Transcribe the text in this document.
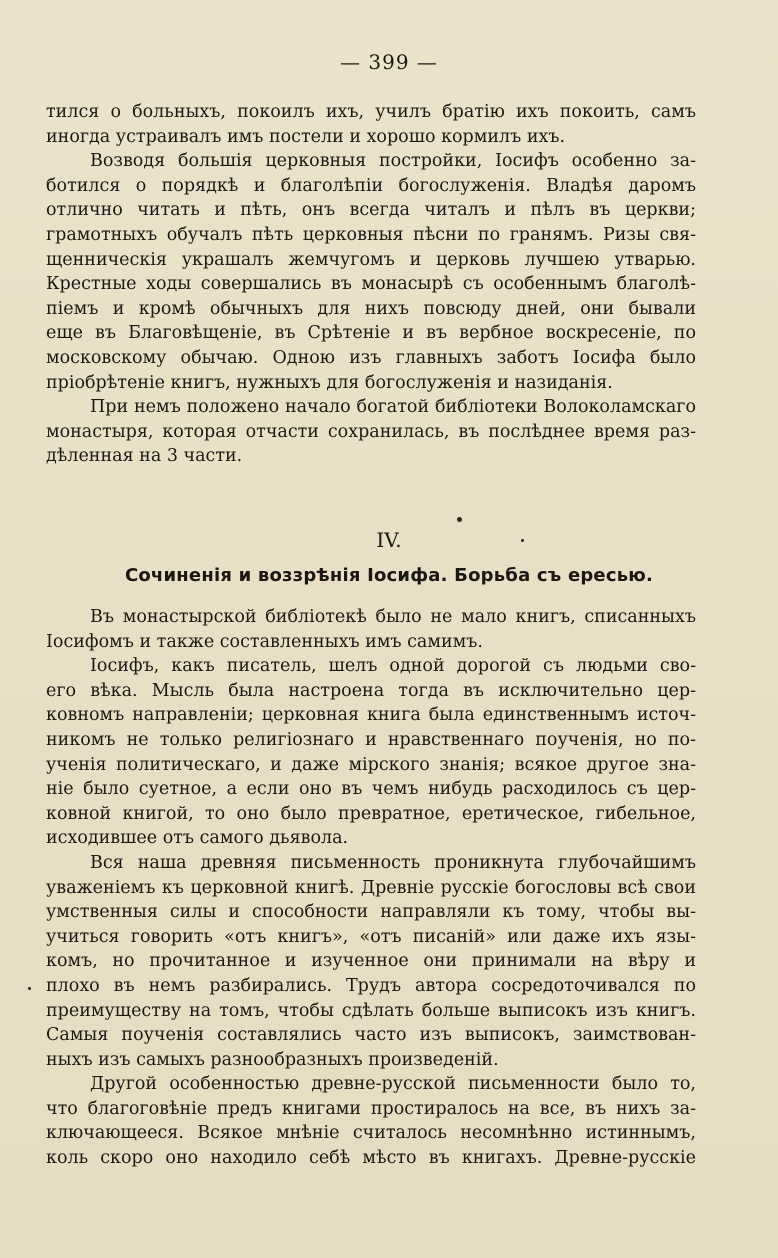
— 399 —
тился о больныхъ, покоилъ ихъ, училъ братію ихъ покоить, самъ
иногда устраивалъ имъ постели и хорошо кормилъ ихъ.
Возводя большія церковныя постройки, Іосифъ особенно за-
ботился о порядкѣ и благолѣпіи богослуженія. Владѣя даромъ
отлично читать и пѣть, онъ всегда читалъ и пѣлъ въ церкви;
грамотныхъ обучалъ пѣть церковныя пѣсни по гранямъ. Ризы свя-
щенническія украшалъ жемчугомъ и церковь лучшею утварью.
Крестные ходы совершались въ монасырѣ съ особеннымъ благолѣ-
піемъ и кромѣ обычныхъ для нихъ повсюду дней, они бывали
еще въ Благовѣщеніе, въ Срѣтеніе и въ вербное воскресеніе, по
московскому обычаю. Одною изъ главныхъ заботъ Іосифа было
пріобрѣтеніе книгъ, нужныхъ для богослуженія и назиданія.
При немъ положено начало богатой библіотеки Волоколамскаго
монастыря, которая отчасти сохранилась, въ послѣднее время раз-
дѣленная на 3 части.
IV.
Сочиненія и воззрѣнія Іосифа. Борьба съ ересью.
Въ монастырской библіотекѣ было не мало книгъ, списанныхъ
Іосифомъ и также составленныхъ имъ самимъ.
Іосифъ, какъ писатель, шелъ одной дорогой съ людьми сво-
его вѣка. Мысль была настроена тогда въ исключительно цер-
ковномъ направленіи; церковная книга была единственнымъ источ-
никомъ не только религіознаго и нравственнаго поученія, но по-
ученія политическаго, и даже мірского знанія; всякое другое зна-
ніе было суетное, а если оно въ чемъ нибудь расходилось съ цер-
ковной книгой, то оно было превратное, еретическое, гибельное,
исходившее отъ самого дьявола.
Вся наша древняя письменность проникнута глубочайшимъ
уваженіемъ къ церковной книгѣ. Древніе русскіе богословы всѣ свои
умственныя силы и способности направляли къ тому, чтобы вы-
учиться говорить «отъ книгъ», «отъ писаній» или даже ихъ язы-
комъ, но прочитанное и изученное они принимали на вѣру и
плохо въ немъ разбирались. Трудъ автора сосредоточивался по
преимуществу на томъ, чтобы сдѣлать больше выписокъ изъ книгъ.
Самыя поученія составлялись часто изъ выписокъ, заимствован-
ныхъ изъ самыхъ разнообразныхъ произведеній.
Другой особенностью древне-русской письменности было то,
что благоговѣніе предъ книгами простиралось на все, въ нихъ за-
ключающееся. Всякое мнѣніе считалось несомнѣнно истиннымъ,
коль скоро оно находило себѣ мѣсто въ книгахъ. Древне-русскіе
